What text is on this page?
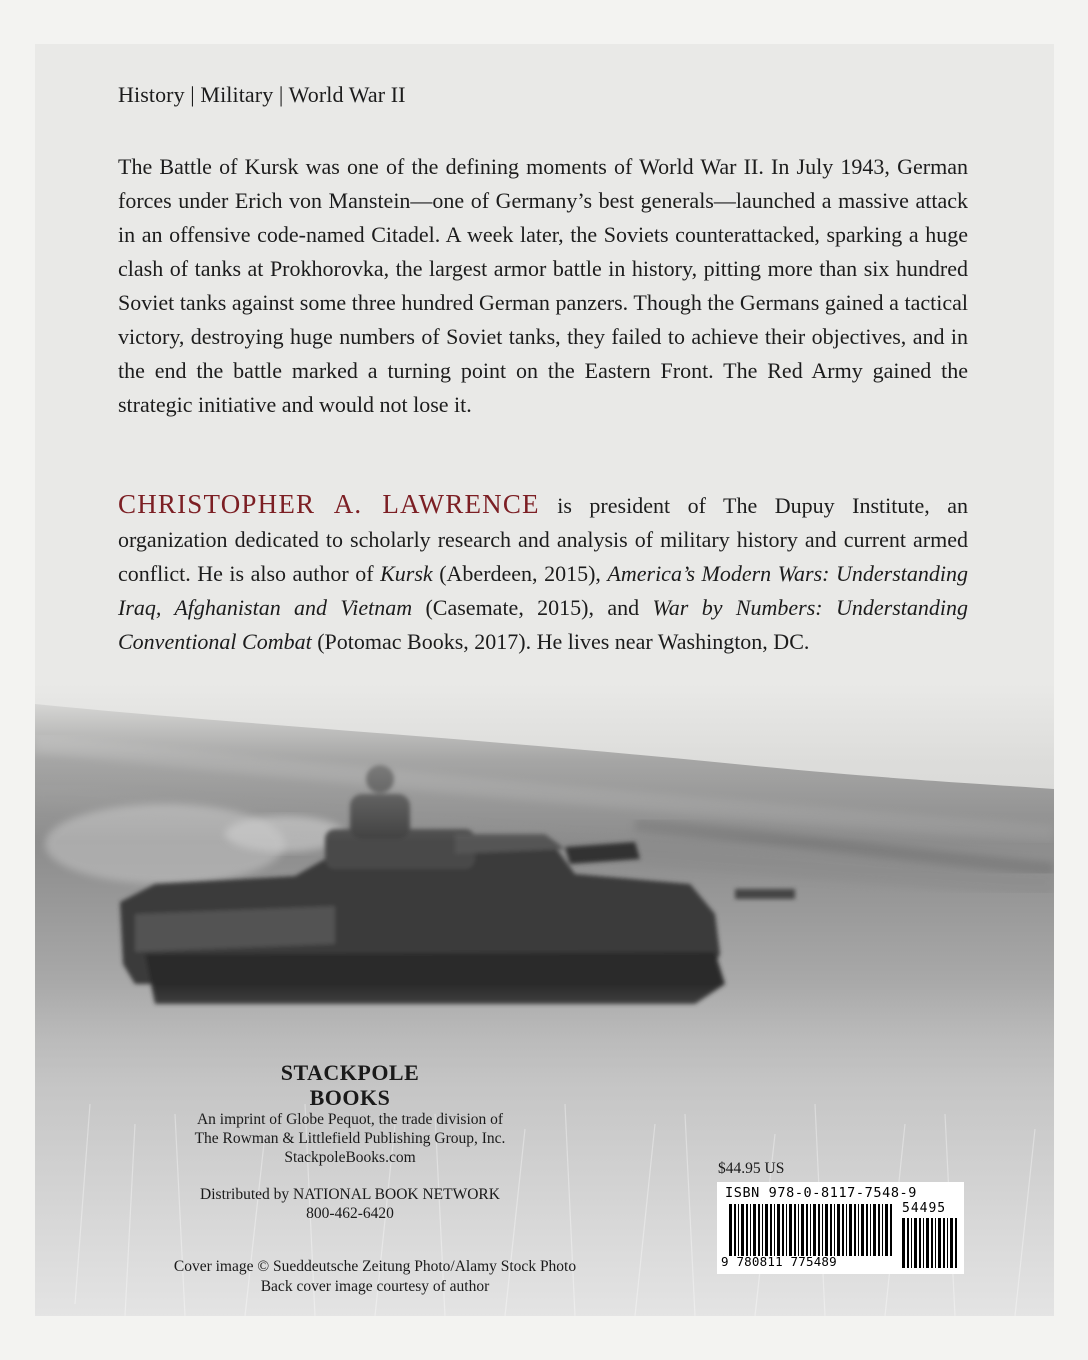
History | Military | World War II
The Battle of Kursk was one of the defining moments of World War II. In July 1943, German forces under Erich von Manstein—one of Germany’s best generals—launched a massive attack in an offensive code-named Citadel. A week later, the Soviets counterattacked, sparking a huge clash of tanks at Prokhorovka, the largest armor battle in history, pitting more than six hundred Soviet tanks against some three hundred German panzers. Though the Germans gained a tactical victory, destroying huge numbers of Soviet tanks, they failed to achieve their objectives, and in the end the battle marked a turning point on the Eastern Front. The Red Army gained the strategic initiative and would not lose it.
CHRISTOPHER A. LAWRENCE is president of The Dupuy Institute, an organization dedicated to scholarly research and analysis of military history and current armed conflict. He is also author of Kursk (Aberdeen, 2015), America’s Modern Wars: Understanding Iraq, Afghanistan and Vietnam (Casemate, 2015), and War by Numbers: Understanding Conventional Combat (Potomac Books, 2017). He lives near Washington, DC.
STACKPOLE
BOOKS
An imprint of Globe Pequot, the trade division of
The Rowman & Littlefield Publishing Group, Inc.
StackpoleBooks.com
Distributed by NATIONAL BOOK NETWORK
800-462-6420
Cover image © Sueddeutsche Zeitung Photo/Alamy Stock Photo
Back cover image courtesy of author
$44.95 US
ISBN 978-0-8117-7548-9
54495
9 780811 775489
